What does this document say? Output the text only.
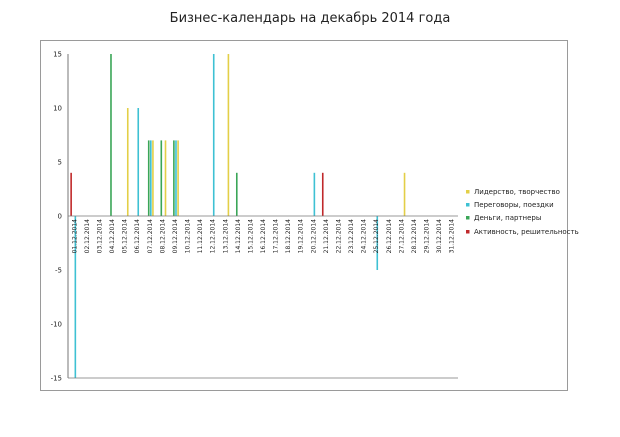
Бизнес-календарь на декабрь 2014 года
15
10
5
0
-5
-10
-15
01.12.2014 02.12.2014 03.12.2014 04.12.2014 05.12.2014 06.12.2014 07.12.2014 08.12.2014 09.12.2014 10.12.2014 11.12.2014 12.12.2014 13.12.2014 14.12.2014 15.12.2014 16.12.2014 17.12.2014 18.12.2014 19.12.2014 20.12.2014 21.12.2014 22.12.2014 23.12.2014 24.12.2014 25.12.2014 26.12.2014 27.12.2014 28.12.2014 29.12.2014 30.12.2014 31.12.2014
Лидерство, творчество
Переговоры, поездки
Деньги, партнеры
Активность, решительность
